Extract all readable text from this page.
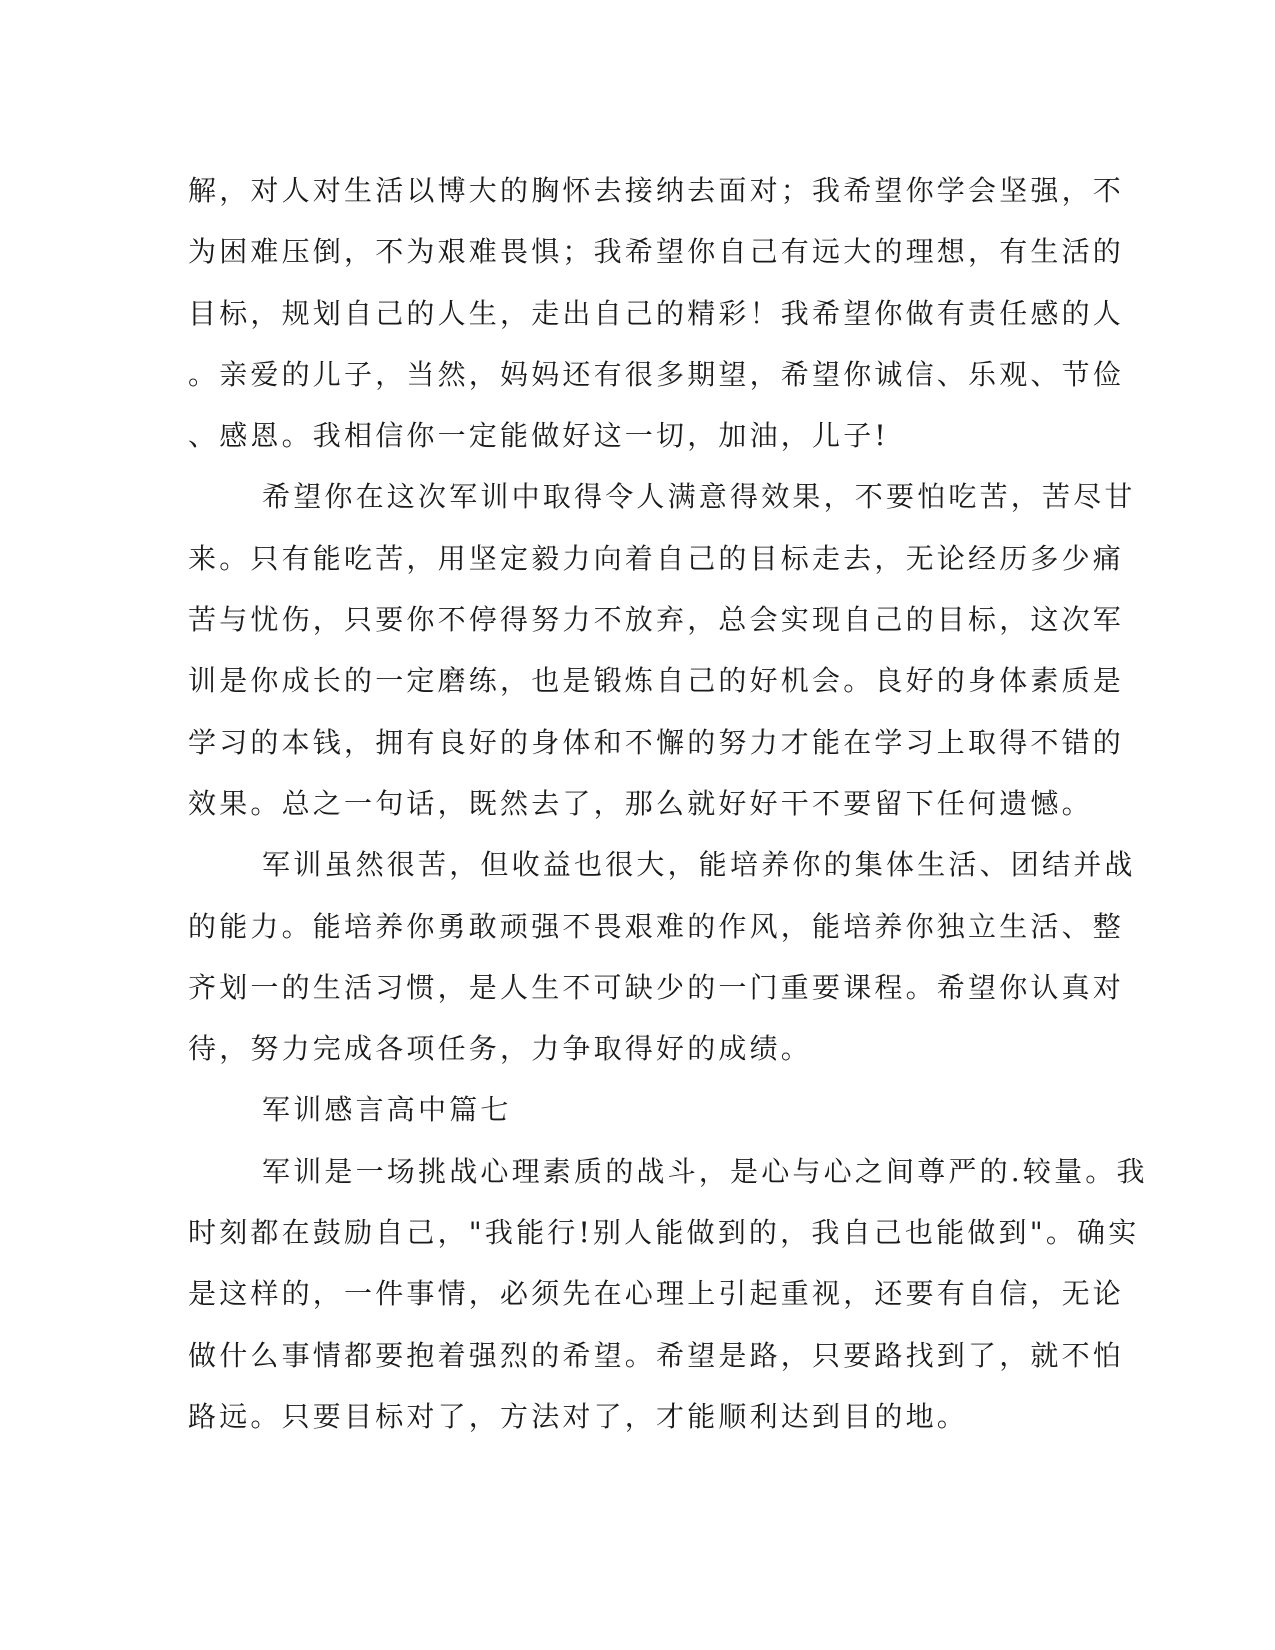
解，对人对生活以博大的胸怀去接纳去面对；我希望你学会坚强，不
为困难压倒，不为艰难畏惧；我希望你自己有远大的理想，有生活的
目标，规划自己的人生，走出自己的精彩！我希望你做有责任感的人
。亲爱的儿子，当然，妈妈还有很多期望，希望你诚信、乐观、节俭
、感恩。我相信你一定能做好这一切，加油，儿子!
希望你在这次军训中取得令人满意得效果，不要怕吃苦，苦尽甘
来。只有能吃苦，用坚定毅力向着自己的目标走去，无论经历多少痛
苦与忧伤，只要你不停得努力不放弃，总会实现自己的目标，这次军
训是你成长的一定磨练，也是锻炼自己的好机会。良好的身体素质是
学习的本钱，拥有良好的身体和不懈的努力才能在学习上取得不错的
效果。总之一句话，既然去了，那么就好好干不要留下任何遗憾。
军训虽然很苦，但收益也很大，能培养你的集体生活、团结并战
的能力。能培养你勇敢顽强不畏艰难的作风，能培养你独立生活、整
齐划一的生活习惯，是人生不可缺少的一门重要课程。希望你认真对
待，努力完成各项任务，力争取得好的成绩。
军训感言高中篇七
军训是一场挑战心理素质的战斗，是心与心之间尊严的.较量。我
时刻都在鼓励自己，"我能行!别人能做到的，我自己也能做到"。确实
是这样的，一件事情，必须先在心理上引起重视，还要有自信，无论
做什么事情都要抱着强烈的希望。希望是路，只要路找到了，就不怕
路远。只要目标对了，方法对了，才能顺利达到目的地。
